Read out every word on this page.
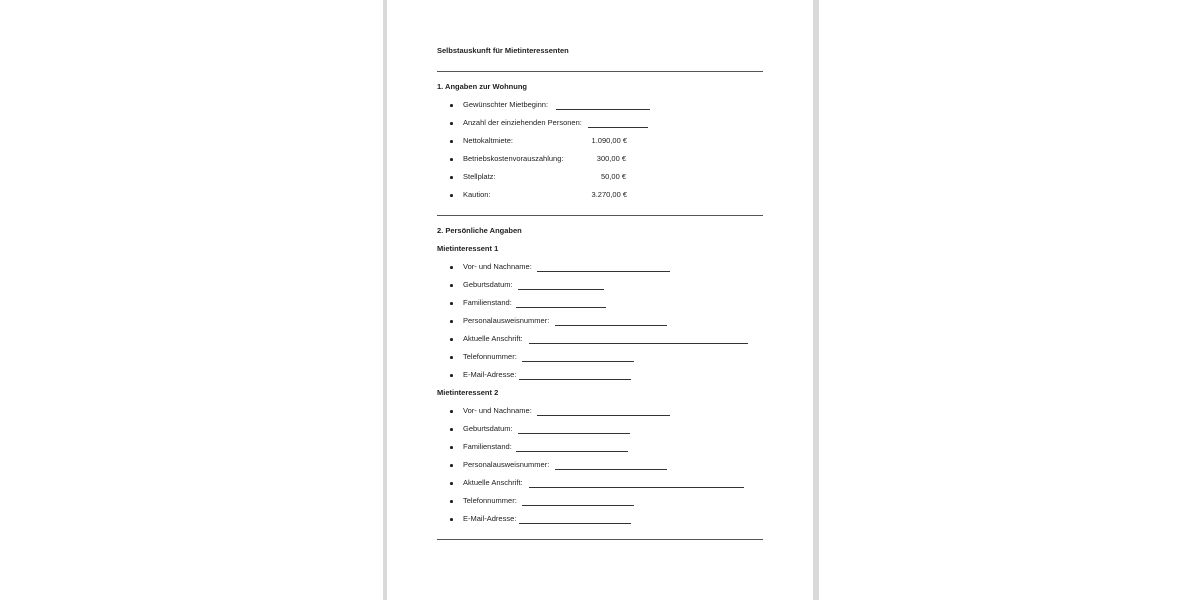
Selbstauskunft für Mietinteressenten
1. Angaben zur Wohnung
Gewünschter Mietbeginn:
Anzahl der einziehenden Personen:
Nettokaltmiete:	1.090,00 €
Betriebskostenvorauszahlung:	300,00 €
Stellplatz:	50,00 €
Kaution:	3.270,00 €
2. Persönliche Angaben
Mietinteressent 1
Vor- und Nachname:
Geburtsdatum:
Familienstand:
Personalausweisnummer:
Aktuelle Anschrift:
Telefonnummer:
E-Mail-Adresse:
Mietinteressent 2
Vor- und Nachname:
Geburtsdatum:
Familienstand:
Personalausweisnummer:
Aktuelle Anschrift:
Telefonnummer:
E-Mail-Adresse:
